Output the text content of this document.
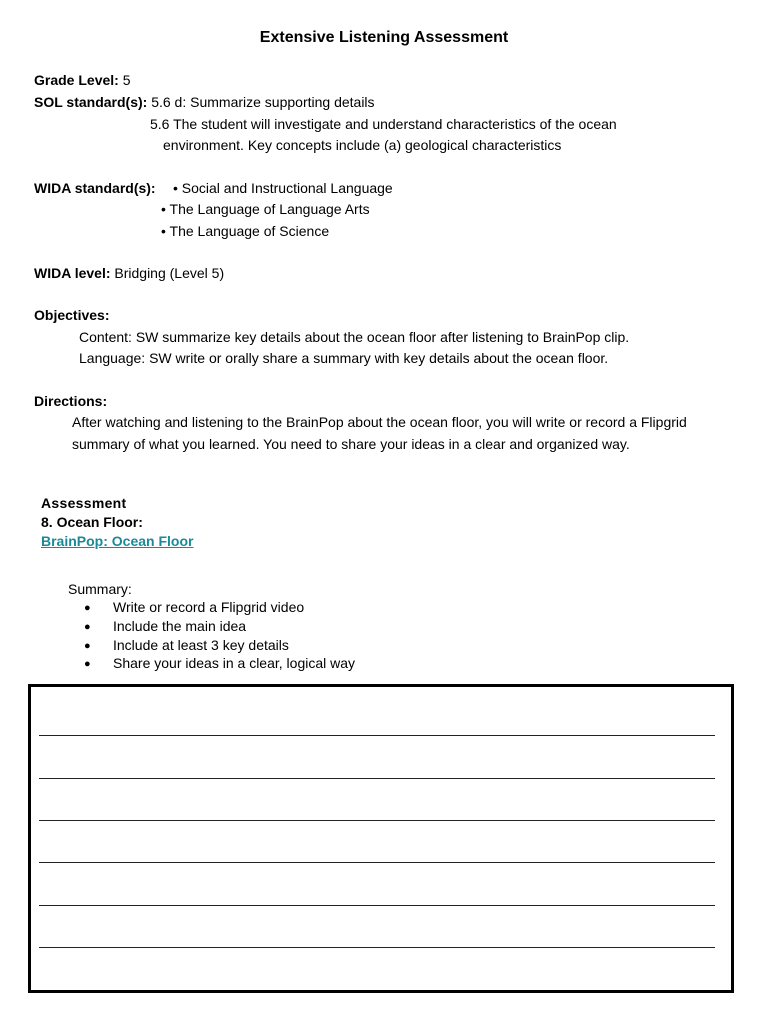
Extensive Listening Assessment
Grade Level: 5
SOL standard(s): 5.6 d: Summarize supporting details
5.6 The student will investigate and understand characteristics of the ocean
environment. Key concepts include (a) geological characteristics
WIDA standard(s): • Social and Instructional Language
• The Language of Language Arts
• The Language of Science
WIDA level: Bridging (Level 5)
Objectives:
Content: SW summarize key details about the ocean floor after listening to BrainPop clip.
Language: SW write or orally share a summary with key details about the ocean floor.
Directions:
After watching and listening to the BrainPop about the ocean floor, you will write or record a Flipgrid
summary of what you learned. You need to share your ideas in a clear and organized way.
Assessment
8. Ocean Floor:
BrainPop: Ocean Floor
Summary:
● Write or record a Flipgrid video
● Include the main idea
● Include at least 3 key details
● Share your ideas in a clear, logical way
